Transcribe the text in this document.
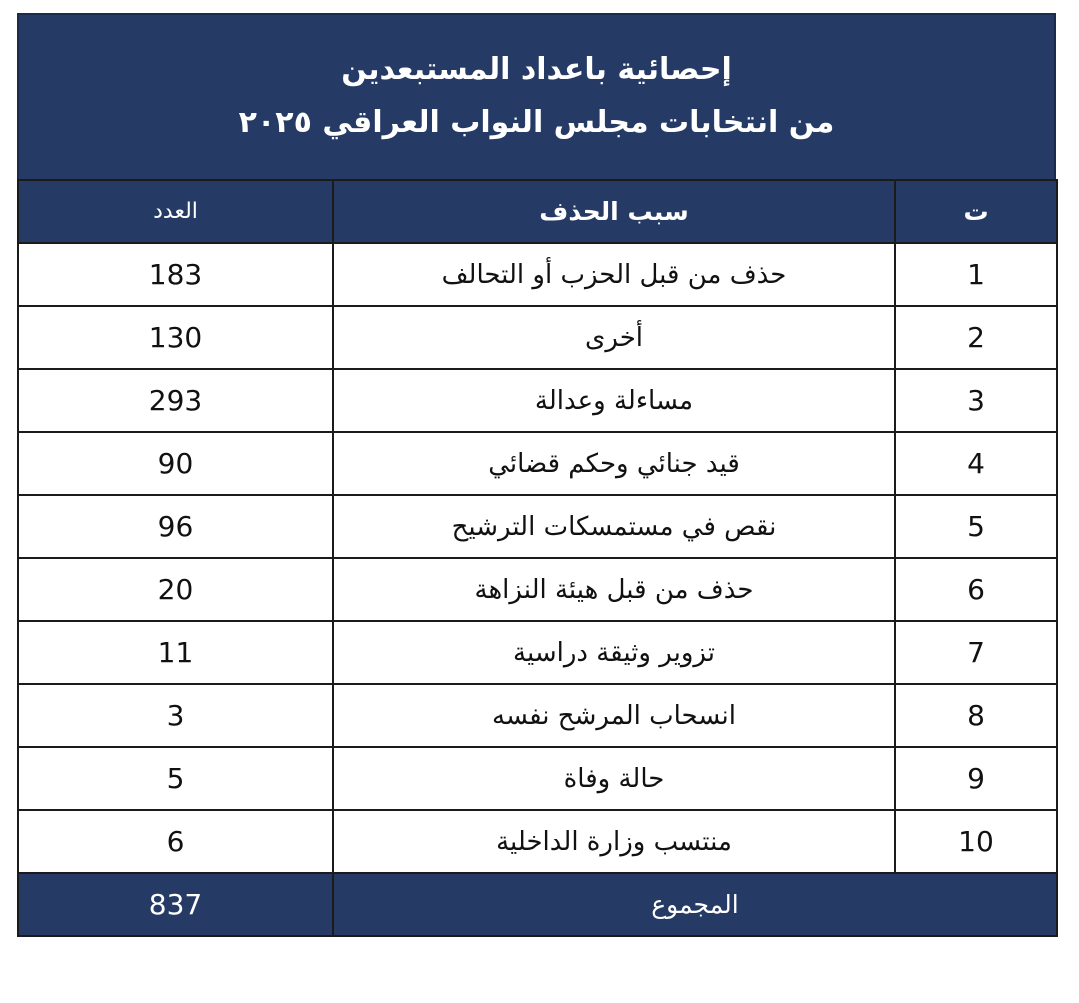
إحصائية باعداد المستبعدين
من انتخابات مجلس النواب العراقي ٢٠٢٥
ت	سبب الحذف	العدد
1	حذف من قبل الحزب أو التحالف	183
2	أخرى	130
3	مساءلة وعدالة	293
4	قيد جنائي وحكم قضائي	90
5	نقص في مستمسكات الترشيح	96
6	حذف من قبل هيئة النزاهة	20
7	تزوير وثيقة دراسية	11
8	انسحاب المرشح نفسه	3
9	حالة وفاة	5
10	منتسب وزارة الداخلية	6
المجموع		837
